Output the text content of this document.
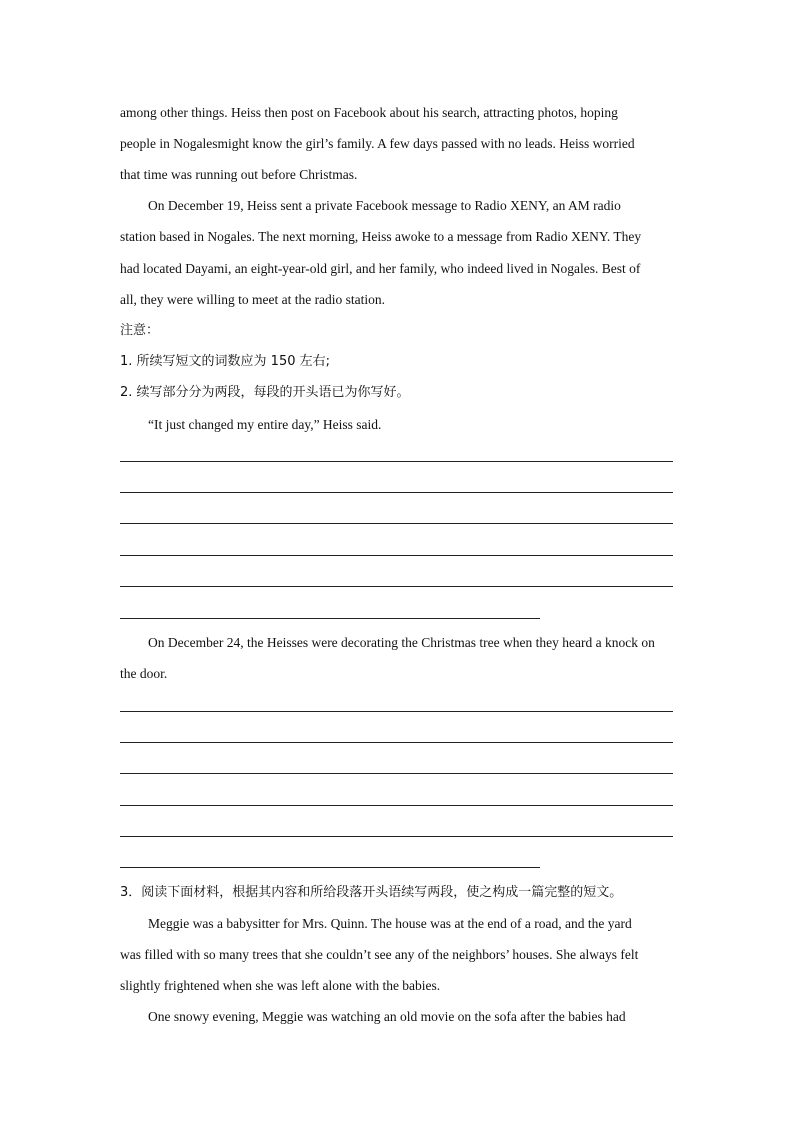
among other things. Heiss then post on Facebook about his search, attracting photos, hoping
people in Nogalesmight know the girl’s family. A few days passed with no leads. Heiss worried
that time was running out before Christmas.
On December 19, Heiss sent a private Facebook message to Radio XENY, an AM radio
station based in Nogales. The next morning, Heiss awoke to a message from Radio XENY. They
had located Dayami, an eight-year-old girl, and her family, who indeed lived in Nogales. Best of
all, they were willing to meet at the radio station.
注意：
1. 所续写短文的词数应为 150 左右;
2. 续写部分分为两段，每段的开头语已为你写好。
“It just changed my entire day,” Heiss said.
On December 24, the Heisses were decorating the Christmas tree when they heard a knock on
the door.
3．阅读下面材料，根据其内容和所给段落开头语续写两段，使之构成一篇完整的短文。
Meggie was a babysitter for Mrs. Quinn. The house was at the end of a road, and the yard
was filled with so many trees that she couldn’t see any of the neighbors’ houses. She always felt
slightly frightened when she was left alone with the babies.
One snowy evening, Meggie was watching an old movie on the sofa after the babies had
